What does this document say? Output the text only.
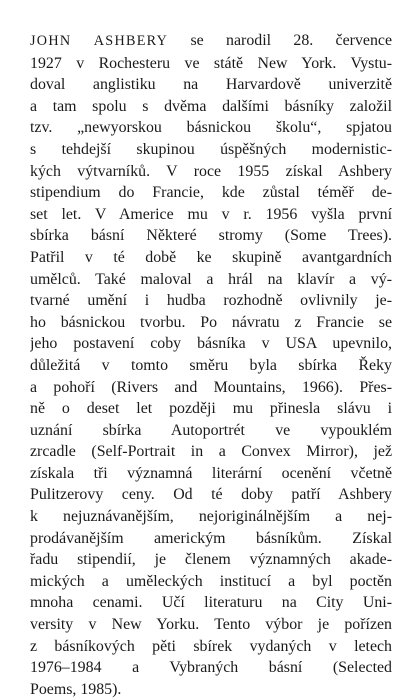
JOHN ASHBERY se narodil 28. července
1927 v Rochesteru ve státě New York. Vystu-
doval anglistiku na Harvardově univerzitě
a tam spolu s dvěma dalšími básníky založil
tzv. „newyorskou básnickou školu“, spjatou
s tehdejší skupinou úspěšných modernistic-
kých výtvarníků. V roce 1955 získal Ashbery
stipendium do Francie, kde zůstal téměř de-
set let. V Americe mu v r. 1956 vyšla první
sbírka básní Některé stromy (Some Trees).
Patřil v té době ke skupině avantgardních
umělců. Také maloval a hrál na klavír a vý-
tvarné umění i hudba rozhodně ovlivnily je-
ho básnickou tvorbu. Po návratu z Francie se
jeho postavení coby básníka v USA upevnilo,
důležitá v tomto směru byla sbírka Řeky
a pohoří (Rivers and Mountains, 1966). Přes-
ně o deset let později mu přinesla slávu i
uznání sbírka Autoportrét ve vypouklém
zrcadle (Self-Portrait in a Convex Mirror), jež
získala tři významná literární ocenění včetně
Pulitzerovy ceny. Od té doby patří Ashbery
k nejuznávanějším, nejoriginálnějším a nej-
prodávanějším americkým básníkům. Získal
řadu stipendií, je členem významných akade-
mických a uměleckých institucí a byl poctěn
mnoha cenami. Učí literaturu na City Uni-
versity v New Yorku. Tento výbor je pořízen
z básníkových pěti sbírek vydaných v letech
1976–1984 a Vybraných básní (Selected
Poems, 1985).
